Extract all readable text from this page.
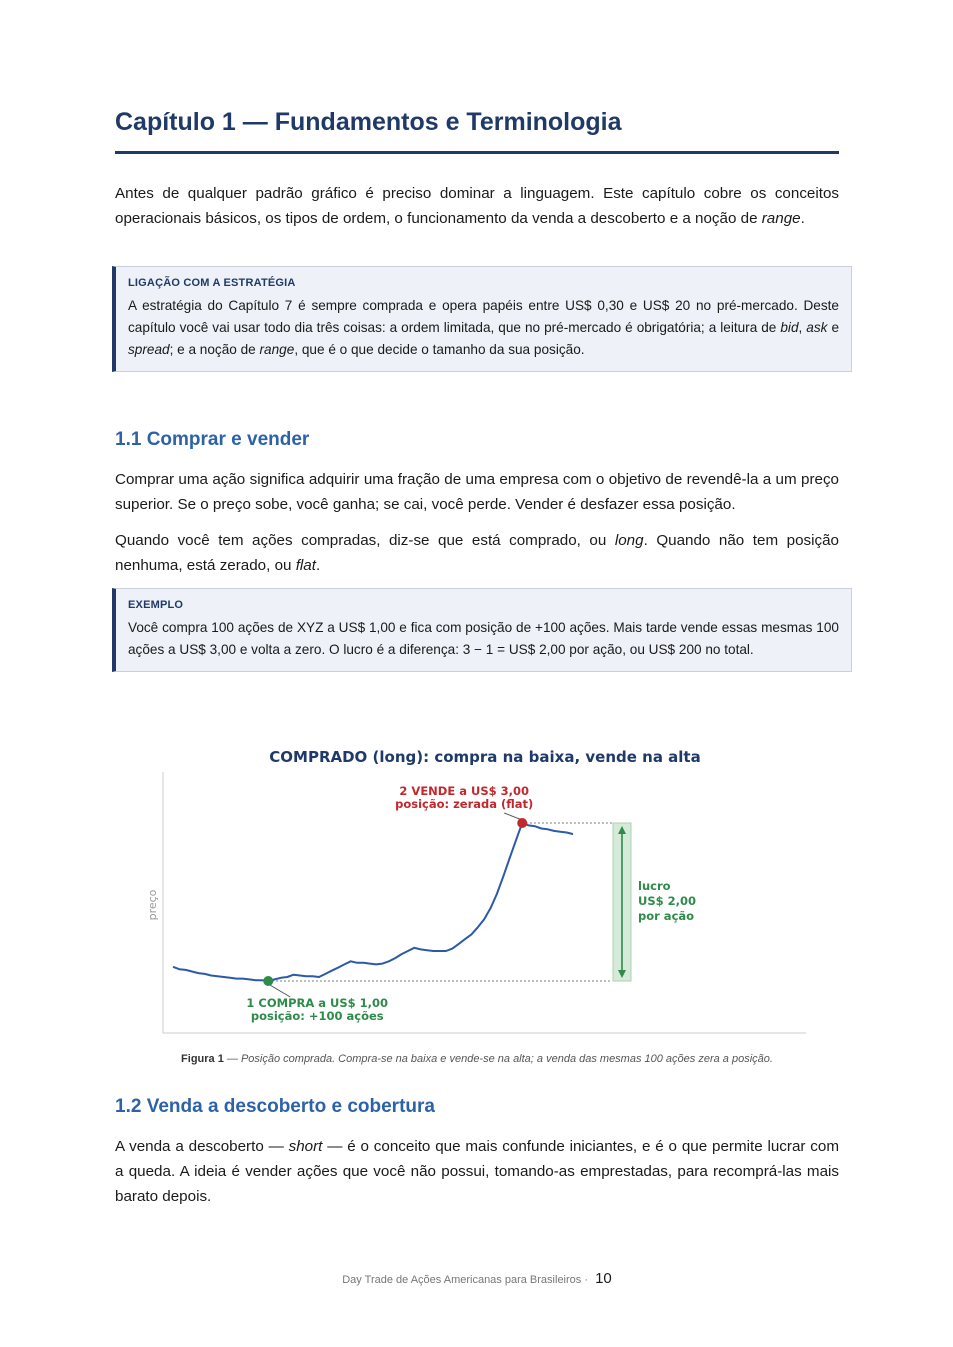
Capítulo 1 — Fundamentos e Terminologia

Antes de qualquer padrão gráfico é preciso dominar a linguagem. Este capítulo cobre os conceitos operacionais básicos, os tipos de ordem, o funcionamento da venda a descoberto e a noção de range.

LIGAÇÃO COM A ESTRATÉGIA
A estratégia do Capítulo 7 é sempre comprada e opera papéis entre US$ 0,30 e US$ 20 no pré-mercado. Deste capítulo você vai usar todo dia três coisas: a ordem limitada, que no pré-mercado é obrigatória; a leitura de bid, ask e spread; e a noção de range, que é o que decide o tamanho da sua posição.
1.1 Comprar e vender

Comprar uma ação significa adquirir uma fração de uma empresa com o objetivo de revendê-la a um preço superior. Se o preço sobe, você ganha; se cai, você perde. Vender é desfazer essa posição.

Quando você tem ações compradas, diz-se que está comprado, ou long. Quando não tem posição nenhuma, está zerado, ou flat.

EXEMPLO
Você compra 100 ações de XYZ a US$ 1,00 e fica com posição de +100 ações. Mais tarde vende essas mesmas 100 ações a US$ 3,00 e volta a zero. O lucro é a diferença: 3 − 1 = US$ 2,00 por ação, ou US$ 200 no total.
Figura 1 — Posição comprada. Compra-se na baixa e vende-se na alta; a venda das mesmas 100 ações zera a posição.
1.2 Venda a descoberto e cobertura

A venda a descoberto — short — é o conceito que mais confunde iniciantes, e é o que permite lucrar com a queda. A ideia é vender ações que você não possui, tomando-as emprestadas, para recomprá-las mais barato depois.

Day Trade de Ações Americanas para Brasileiros · 10
COMPRADO (long): compra na baixa, vende na alta
preço
1 COMPRA a US$ 1,00
posição: +100 ações
2 VENDE a US$ 3,00
posição: zerada (flat)
lucro
US$ 2,00
por ação
